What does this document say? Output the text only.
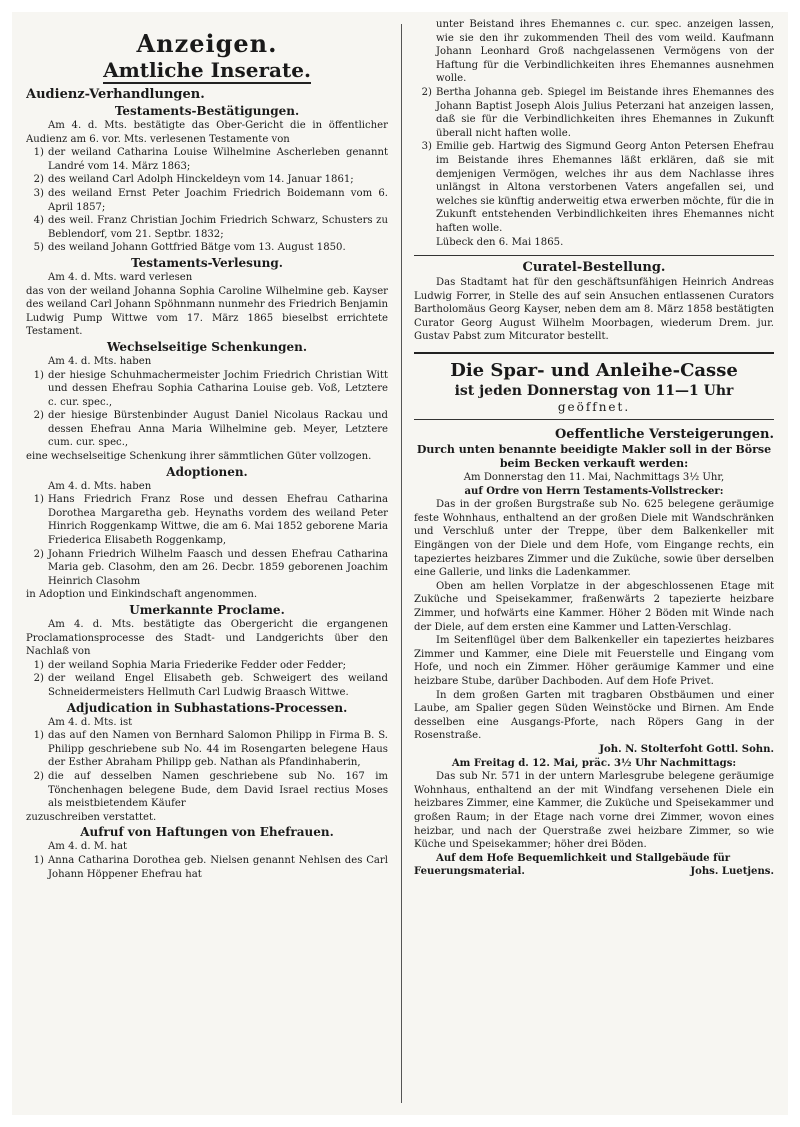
Anzeigen.
Amtliche Inserate.
Audienz-Verhandlungen.
Testaments-Bestätigungen.
Am 4. d. Mts. bestätigte das Ober-Gericht die in öffentlicher Audienz am 6. vor. Mts. verlesenen Testamente von
1) der weiland Catharina Louise Wilhelmine Ascherleben genannt Landré vom 14. März 1863;
2) des weiland Carl Adolph Hinckeldeyn vom 14. Januar 1861;
3) des weiland Ernst Peter Joachim Friedrich Boidemann vom 6. April 1857;
4) des weil. Franz Christian Jochim Friedrich Schwarz, Schusters zu Beblendorf, vom 21. Septbr. 1832;
5) des weiland Johann Gottfried Bätge vom 13. August 1850.
Testaments-Verlesung.
Am 4. d. Mts. ward verlesen
das von der weiland Johanna Sophia Caroline Wilhelmine geb. Kayser des weiland Carl Johann Spöhnmann nunmehr des Friedrich Benjamin Ludwig Pump Wittwe vom 17. März 1865 bieselbst errichtete Testament.
Wechselseitige Schenkungen.
Am 4. d. Mts. haben
1) der hiesige Schuhmachermeister Jochim Friedrich Christian Witt und dessen Ehefrau Sophia Catharina Louise geb. Voß, Letztere c. cur. spec.,
2) der hiesige Bürstenbinder August Daniel Nicolaus Rackau und dessen Ehefrau Anna Maria Wilhelmine geb. Meyer, Letztere cum. cur. spec.,
eine wechselseitige Schenkung ihrer sämmtlichen Güter vollzogen.
Adoptionen.
Am 4. d. Mts. haben
1) Hans Friedrich Franz Rose und dessen Ehefrau Catharina Dorothea Margaretha geb. Heynaths vordem des weiland Peter Hinrich Roggenkamp Wittwe, die am 6. Mai 1852 geborene Maria Friederica Elisabeth Roggenkamp,
2) Johann Friedrich Wilhelm Faasch und dessen Ehefrau Catharina Maria geb. Clasohm, den am 26. Decbr. 1859 geborenen Joachim Heinrich Clasohm
in Adoption und Einkindschaft angenommen.
Umerkannte Proclame.
Am 4. d. Mts. bestätigte das Obergericht die ergangenen Proclamationsprocesse des Stadt- und Landgerichts über den Nachlaß von
1) der weiland Sophia Maria Friederike Fedder oder Fedder;
2) der weiland Engel Elisabeth geb. Schweigert des weiland Schneidermeisters Hellmuth Carl Ludwig Braasch Wittwe.
Adjudication in Subhastations-Processen.
Am 4. d. Mts. ist
1) das auf den Namen von Bernhard Salomon Philipp in Firma B. S. Philipp geschriebene sub No. 44 im Rosengarten belegene Haus der Esther Abraham Philipp geb. Nathan als Pfandinhaberin,
2) die auf desselben Namen geschriebene sub No. 167 im Tönchenhagen belegene Bude, dem David Israel rectius Moses als meistbietendem Käufer
zuzuschreiben verstattet.
Aufruf von Haftungen von Ehefrauen.
Am 4. d. M. hat
1) Anna Catharina Dorothea geb. Nielsen genannt Nehlsen des Carl Johann Höppener Ehefrau hat
unter Beistand ihres Ehemannes c. cur. spec. anzeigen lassen, wie sie den ihr zukommenden Theil des vom weild. Kaufmann Johann Leonhard Groß nachgelassenen Vermögens von der Haftung für die Verbindlichkeiten ihres Ehemannes ausnehmen wolle.
2) Bertha Johanna geb. Spiegel im Beistande ihres Ehemannes des Johann Baptist Joseph Alois Julius Peterzani hat anzeigen lassen, daß sie für die Verbindlichkeiten ihres Ehemannes in Zukunft überall nicht haften wolle.
3) Emilie geb. Hartwig des Sigmund Georg Anton Petersen Ehefrau im Beistande ihres Ehemannes läßt erklären, daß sie mit demjenigen Vermögen, welches ihr aus dem Nachlasse ihres unlängst in Altona verstorbenen Vaters angefallen sei, und welches sie künftig anderweitig etwa erwerben möchte, für die in Zukunft entstehenden Verbindlichkeiten ihres Ehemannes nicht haften wolle.
Lübeck den 6. Mai 1865.
Curatel-Bestellung.
Das Stadtamt hat für den geschäftsunfähigen Heinrich Andreas Ludwig Forrer, in Stelle des auf sein Ansuchen entlassenen Curators Bartholomäus Georg Kayser, neben dem am 8. März 1858 bestätigten Curator Georg August Wilhelm Moorbagen, wiederum Drem. jur. Gustav Pabst zum Mitcurator bestellt.
Die Spar- und Anleihe-Casse
ist jeden Donnerstag von 11—1 Uhr
geöffnet.
Oeffentliche Versteigerungen.
Durch unten benannte beeidigte Makler soll in der Börse beim Becken verkauft werden:
Am Donnerstag den 11. Mai, Nachmittags 3½ Uhr,
auf Ordre von Herrn Testaments-Vollstrecker:
Das in der großen Burgstraße sub No. 625 belegene geräumige feste Wohnhaus, enthaltend an der großen Diele mit Wandschränken und Verschluß unter der Treppe, über dem Balkenkeller mit Eingängen von der Diele und dem Hofe, vom Eingange rechts, ein tapeziertes heizbares Zimmer und die Zuküche, sowie über derselben eine Gallerie, und links die Ladenkammer.
Oben am hellen Vorplatze in der abgeschlossenen Etage mit Zuküche und Speisekammer, fraßenwärts 2 tapezierte heizbare Zimmer, und hofwärts eine Kammer. Höher 2 Böden mit Winde nach der Diele, auf dem ersten eine Kammer und Latten-Verschlag.
Im Seitenflügel über dem Balkenkeller ein tapeziertes heizbares Zimmer und Kammer, eine Diele mit Feuerstelle und Eingang vom Hofe, und noch ein Zimmer. Höher geräumige Kammer und eine heizbare Stube, darüber Dachboden. Auf dem Hofe Privet.
In dem großen Garten mit tragbaren Obstbäumen und einer Laube, am Spalier gegen Süden Weinstöcke und Birnen. Am Ende desselben eine Ausgangs-Pforte, nach Röpers Gang in der Rosenstraße.
Joh. N. Stolterfoht Gottl. Sohn.
Am Freitag d. 12. Mai, präc. 3½ Uhr Nachmittags:
Das sub Nr. 571 in der untern Marlesgrube belegene geräumige Wohnhaus, enthaltend an der mit Windfang versehenen Diele ein heizbares Zimmer, eine Kammer, die Zuküche und Speisekammer und großen Raum; in der Etage nach vorne drei Zimmer, wovon eines heizbar, und nach der Querstraße zwei heizbare Zimmer, so wie Küche und Speisekammer; höher drei Böden.
Auf dem Hofe Bequemlichkeit und Stallgebäude für
Feuerungsmaterial.	Johs. Luetjens.
